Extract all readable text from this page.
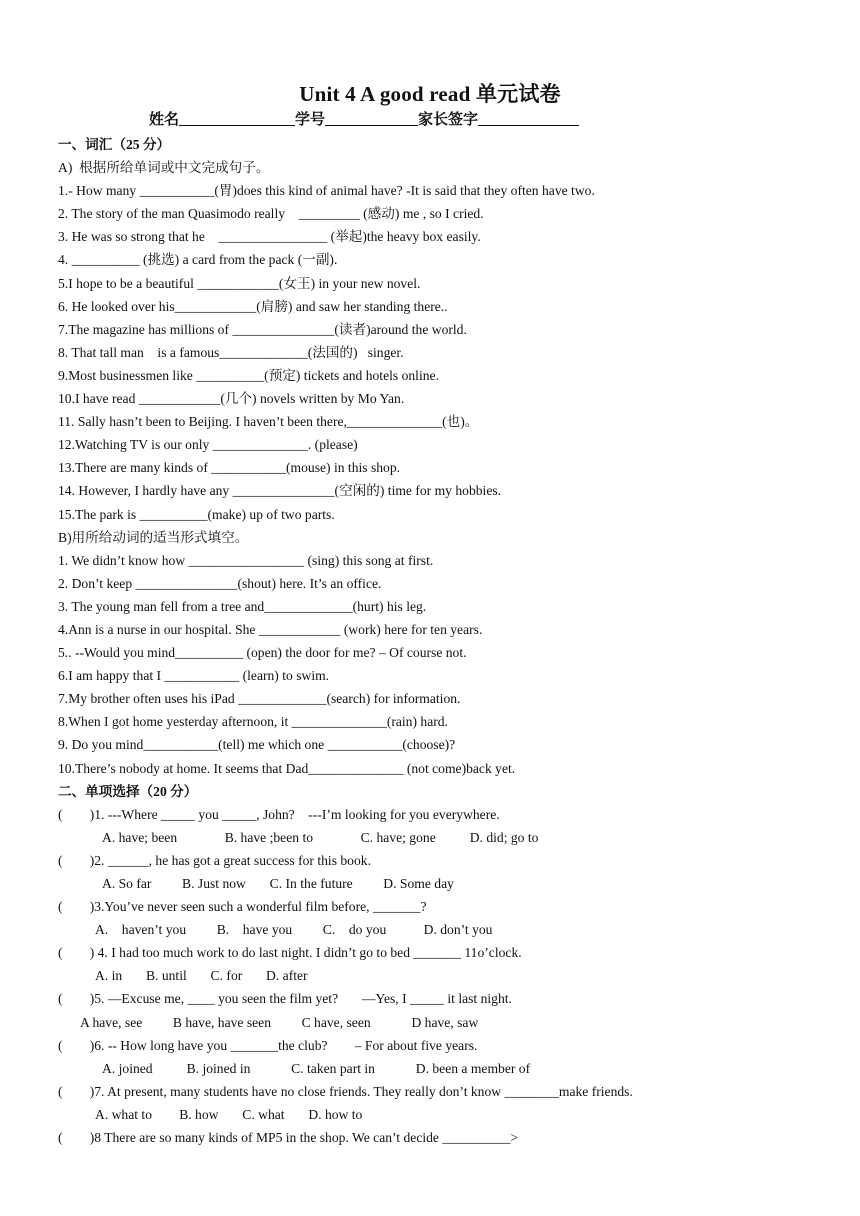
Unit 4 A good read 单元试卷
姓名	学号	家长签字
一、词汇（25 分）
A)  根据所给单词或中文完成句子。
1.- How many ___________(胃)does this kind of animal have? -It is said that they often have two.
2. The story of the man Quasimodo really    _________ (感动) me , so I cried.
3. He was so strong that he    ________________ (举起)the heavy box easily.
4. __________ (挑选) a card from the pack (一副).
5.I hope to be a beautiful ____________(女王) in your new novel.
6. He looked over his____________(肩膀) and saw her standing there..
7.The magazine has millions of _______________(读者)around the world.
8. That tall man    is a famous_____________(法国的)   singer.
9.Most businessmen like __________(预定) tickets and hotels online.
10.I have read ____________(几个) novels written by Mo Yan.
11. Sally hasn’t been to Beijing. I haven’t been there,______________(也)。
12.Watching TV is our only ______________. (please)
13.There are many kinds of ___________(mouse) in this shop.
14. However, I hardly have any _______________(空闲的) time for my hobbies.
15.The park is __________(make) up of two parts.
B)用所给动词的适当形式填空。
1. We didn’t know how _________________ (sing) this song at first.
2. Don’t keep _______________(shout) here. It’s an office.
3. The young man fell from a tree and_____________(hurt) his leg.
4.Ann is a nurse in our hospital. She ____________ (work) here for ten years.
5.. --Would you mind__________ (open) the door for me? – Of course not.
6.I am happy that I ___________ (learn) to swim.
7.My brother often uses his iPad _____________(search) for information.
8.When I got home yesterday afternoon, it ______________(rain) hard.
9. Do you mind___________(tell) me which one ___________(choose)?
10.There’s nobody at home. It seems that Dad______________ (not come)back yet.
二、单项选择（20 分）
(        )1. ---Where _____ you _____, John?    ---I’m looking for you everywhere.
A. have; been              B. have ;been to              C. have; gone          D. did; go to
(        )2. ______, he has got a great success for this book.
A. So far         B. Just now       C. In the future         D. Some day
(        )3.You’ve never seen such a wonderful film before, _______?
A.    haven’t you         B.    have you         C.    do you           D. don’t you
(        ) 4. I had too much work to do last night. I didn’t go to bed _______ 11o’clock.
A. in       B. until       C. for       D. after
(        )5. —Excuse me, ____ you seen the film yet?       —Yes, I _____ it last night.
A have, see         B have, have seen         C have, seen            D have, saw
(        )6. -- How long have you _______the club?        – For about five years.
A. joined          B. joined in            C. taken part in            D. been a member of
(        )7. At present, many students have no close friends. They really don’t know ________make friends.
A. what to        B. how       C. what       D. how to
(        )8 There are so many kinds of MP5 in the shop. We can’t decide __________>
